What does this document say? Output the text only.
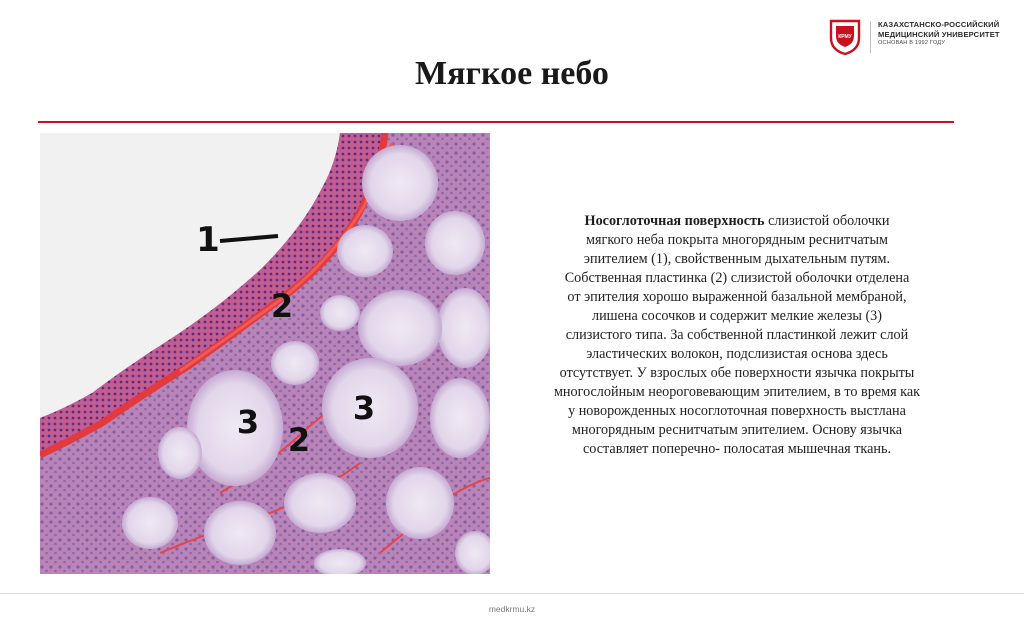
КРМУ
КАЗАХСТАНСКО-РОССИЙСКИЙ
МЕДИЦИНСКИЙ УНИВЕРСИТЕТ
ОСНОВАН В 1992 ГОДУ
Мягкое небо
1
2
2
3	3
Носоглоточная поверхность слизистой оболочки
мягкого неба покрыта многорядным реснитчатым
эпителием (1), свойственным дыхательным путям.
Собственная пластинка (2) слизистой оболочки отделена
от эпителия хорошо выраженной базальной мембраной,
лишена сосочков и содержит мелкие железы (3)
слизистого типа. За собственной пластинкой лежит слой
эластических волокон, подслизистая основа здесь
отсутствует. У взрослых обе поверхности язычка покрыты
многослойным неороговевающим эпителием, в то время как
у новорожденных носоглоточная поверхность выстлана
многорядным реснитчатым эпителием. Основу язычка
составляет поперечно- полосатая мышечная ткань.
medkrmu.kz
